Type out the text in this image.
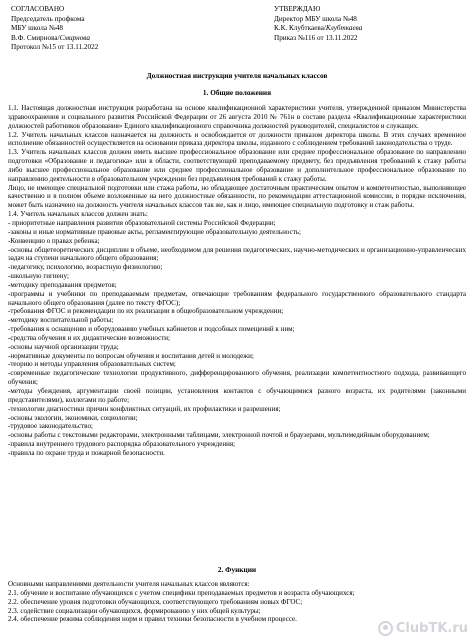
СОГЛАСОВАНО
Председатель профкома
МБУ школа №48
В.Ф. Смирнова/Смирнова
Протокол №15 от 13.11.2022
УТВЕРЖДАЮ
Директор МБУ школа №48
К.К. Клубткаева/Клубткаева
Приказ №116 от 13.11.2022
Должностная инструкция учителя начальных классов
1. Общие положения

1.1. Настоящая должностная инструкция разработана на основе квалификационной характеристики учителя, утвержденной приказом Министерства здравоохранения и социального развития Российской Федерации от 26 августа 2010 № 761н в составе раздела «Квалификационные характеристики должностей работников образования» Единого квалификационного справочника должностей руководителей, специалистов и служащих.

1.2. Учитель начальных классов назначается на должность и освобождается от должности приказом директора школы. В этих случаях временное исполнение обязанностей осуществляется на основании приказа директора школы, изданного с соблюдением требований законодательства о труде.

1.3. Учитель начальных классов должен иметь высшее профессиональное образование или среднее профессиональное образование по направлению подготовки «Образование и педагогика» или в области, соответствующей преподаваемому предмету, без предъявления требований к стажу работы либо высшее профессиональное образование или среднее профессиональное образование и дополнительное профессиональное образование по направлению деятельности в образовательном учреждении без предъявления требований к стажу работы.

Лицо, не имеющее специальной подготовки или стажа работы, но обладающее достаточным практическим опытом и компетентностью, выполняющее качественно и в полном объеме возложенные на него должностные обязанности, по рекомендации аттестационной комиссии, в порядке исключения, может быть назначено на должность учителя начальных классов так же, как и лицо, имеющее специальную подготовку и стаж работы.

1.4. Учитель начальных классов должен знать:

- приоритетные направления развития образовательной системы Российской Федерации;

-законы и иные нормативные правовые акты, регламентирующие образовательную деятельность;

-Конвенцию о правах ребенка;

-основы общетеоретических дисциплин в объеме, необходимом для решения педагогических, научно-методических и организационно-управленческих задач на ступени начального общего образования;

-педагогику, психологию, возрастную физиологию;

-школьную гигиену;

-методику преподавания предметов;

-программы и учебники по преподаваемым предметам, отвечающие требованиям федерального государственного образовательного стандарта начального общего образования (далее по тексту ФГОС);

-требования ФГОС и рекомендации по их реализации в общеобразовательном учреждении;

-методику воспитательной работы;

-требования к оснащению и оборудованию учебных кабинетов и подсобных помещений к ним;

-средства обучения и их дидактические возможности;

-основы научной организации труда;

-нормативные документы по вопросам обучения и воспитания детей и молодежи;

-теорию и методы управления образовательных систем;

-современные педагогические технологии продуктивного, дифференцированного обучения, реализации компетентностного подхода, развивающего обучения;

-методы убеждения, аргументации своей позиции, установления контактов с обучающимися разного возраста, их родителями (законными представителями), коллегами по работе;

-технологии диагностики причин конфликтных ситуаций, их профилактики и разрешения;

-основы экологии, экономики, социологии;

-трудовое законодательство;

-основы работы с текстовыми редакторами, электронными таблицами, электронной почтой и браузерами, мультимедийным оборудованием;

-правила внутреннего трудового распорядка образовательного учреждения;

-правила по охране труда и пожарной безопасности.

2. Функции

Основными направлениями деятельности учителя начальных классов являются:

2.1. обучение и воспитание обучающихся с учетом специфики преподаваемых предметов и возраста обучающихся;

2.2. обеспечение уровня подготовки обучающихся, соответствующего требованиям новых ФГОС;

2.3. содействие социализации обучающихся, формированию у них общей культуры;

2.4. обеспечение режима соблюдения норм и правил техники безопасности в учебном процессе.

ClubTK.ru
